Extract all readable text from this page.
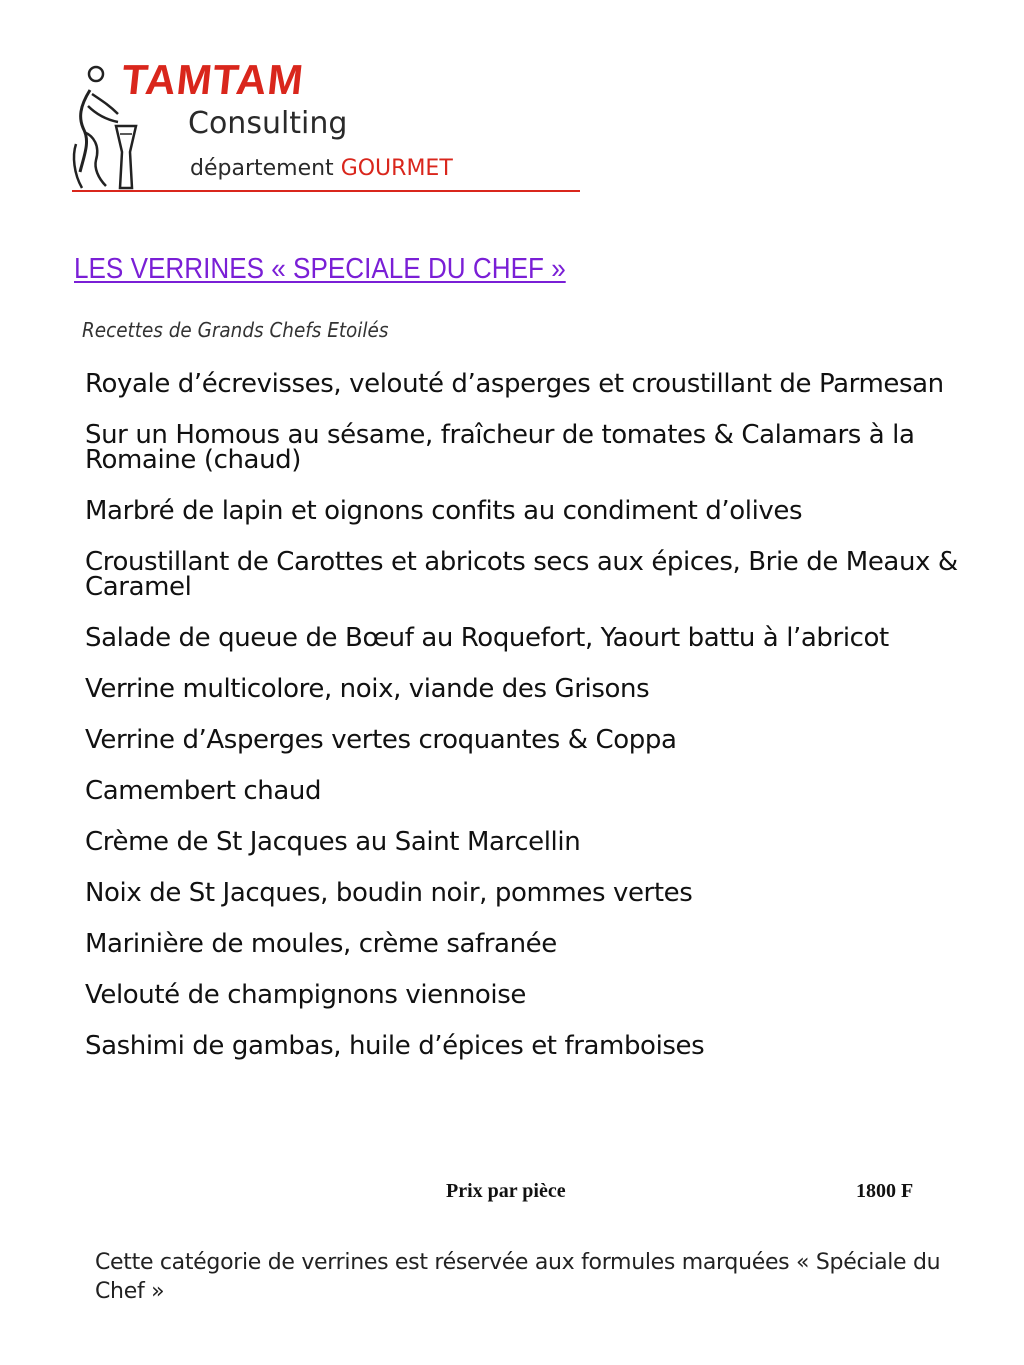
TAMTAM
Consulting
département GOURMET
LES VERRINES « SPECIALE DU CHEF »
Recettes de Grands Chefs Etoilés
Royale d’écrevisses, velouté d’asperges et croustillant de Parmesan
Sur un Homous au sésame, fraîcheur de tomates & Calamars à la Romaine (chaud)
Marbré de lapin et oignons confits au condiment d’olives
Croustillant de Carottes et abricots secs aux épices, Brie de Meaux & Caramel
Salade de queue de Bœuf au Roquefort, Yaourt battu à l’abricot
Verrine multicolore, noix, viande des Grisons
Verrine d’Asperges vertes croquantes & Coppa
Camembert chaud
Crème de St Jacques au Saint Marcellin
Noix de St Jacques, boudin noir, pommes vertes
Marinière de moules, crème safranée
Velouté de champignons viennoise
Sashimi de gambas, huile d’épices et framboises
Prix par pièce	1800 F
Cette catégorie de verrines est réservée aux formules marquées « Spéciale du Chef »
